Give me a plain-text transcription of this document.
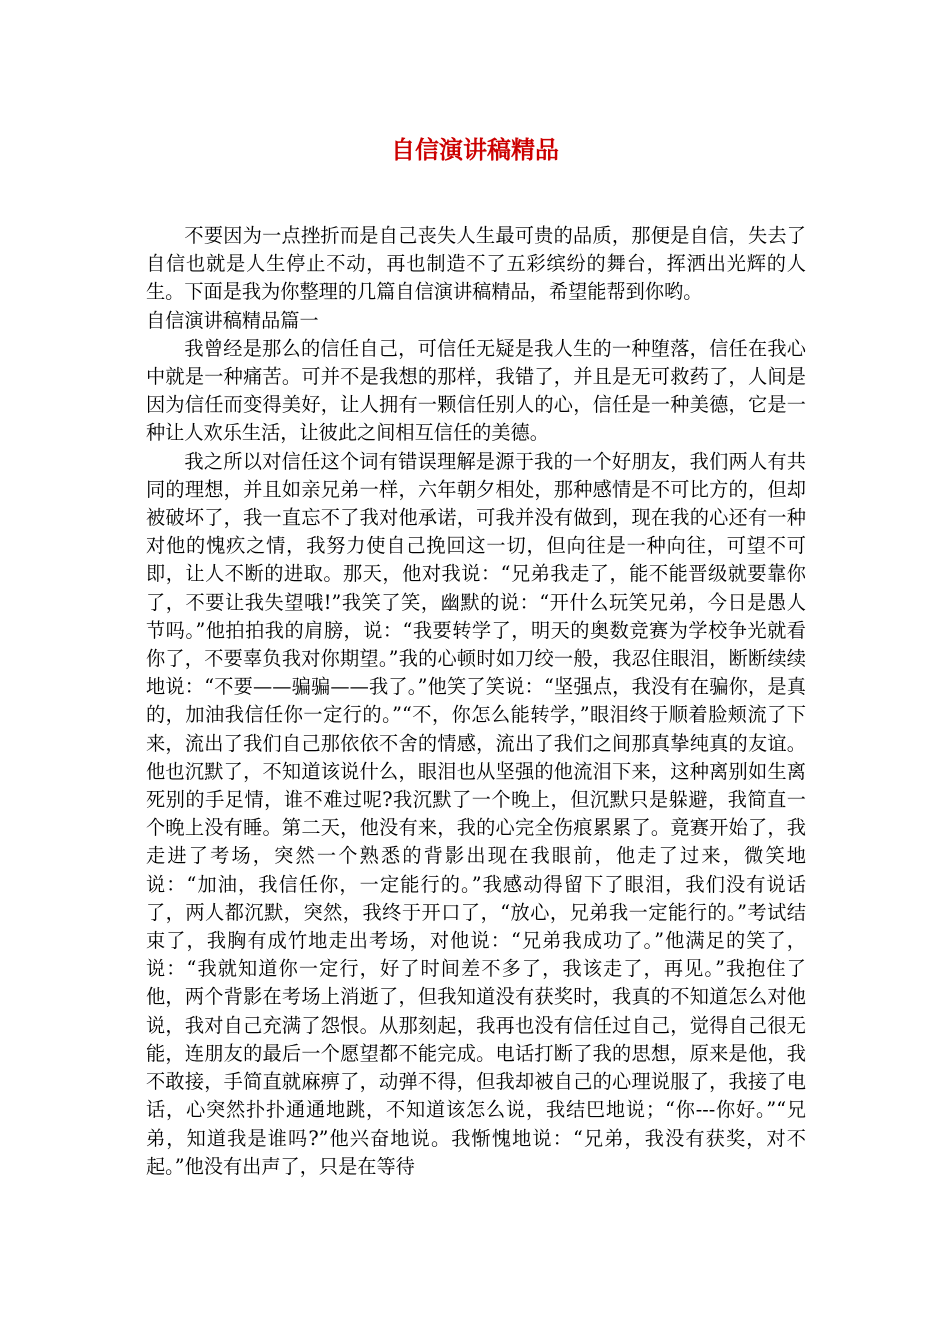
自信演讲稿精品

不要因为一点挫折而是自己丧失人生最可贵的品质，那便是自信，失去了自信也就是人生停止不动，再也制造不了五彩缤纷的舞台，挥洒出光辉的人生。下面是我为你整理的几篇自信演讲稿精品，希望能帮到你哟。

自信演讲稿精品篇一

我曾经是那么的信任自己，可信任无疑是我人生的一种堕落，信任在我心中就是一种痛苦。可并不是我想的那样，我错了，并且是无可救药了，人间是因为信任而变得美好，让人拥有一颗信任别人的心，信任是一种美德，它是一种让人欢乐生活，让彼此之间相互信任的美德。

我之所以对信任这个词有错误理解是源于我的一个好朋友，我们两人有共同的理想，并且如亲兄弟一样，六年朝夕相处，那种感情是不可比方的，但却被破坏了，我一直忘不了我对他承诺，可我并没有做到，现在我的心还有一种对他的愧疚之情，我努力使自己挽回这一切，但向往是一种向往，可望不可即，让人不断的进取。那天，他对我说：“兄弟我走了，能不能晋级就要靠你了，不要让我失望哦!”我笑了笑，幽默的说：“开什么玩笑兄弟，今日是愚人节吗。”他拍拍我的肩膀，说：“我要转学了，明天的奥数竞赛为学校争光就看你了，不要辜负我对你期望。”我的心顿时如刀绞一般，我忍住眼泪，断断续续地说：“不要——骗骗——我了。”他笑了笑说：“坚强点，我没有在骗你，是真的，加油我信任你一定行的。”“不，你怎么能转学，”眼泪终于顺着脸颊流了下来，流出了我们自己那依依不舍的情感，流出了我们之间那真挚纯真的友谊。他也沉默了，不知道该说什么，眼泪也从坚强的他流泪下来，这种离别如生离死别的手足情，谁不难过呢?我沉默了一个晚上，但沉默只是躲避，我简直一个晚上没有睡。第二天，他没有来，我的心完全伤痕累累了。竟赛开始了，我走进了考场，突然一个熟悉的背影出现在我眼前，他走了过来，微笑地说：“加油，我信任你，一定能行的。”我感动得留下了眼泪，我们没有说话了，两人都沉默，突然，我终于开口了，“放心，兄弟我一定能行的。”考试结束了，我胸有成竹地走出考场，对他说：“兄弟我成功了。”他满足的笑了，说：“我就知道你一定行，好了时间差不多了，我该走了，再见。”我抱住了他，两个背影在考场上消逝了，但我知道没有获奖时，我真的不知道怎么对他说，我对自己充满了怨恨。从那刻起，我再也没有信任过自己，觉得自己很无能，连朋友的最后一个愿望都不能完成。电话打断了我的思想，原来是他，我不敢接，手简直就麻痹了，动弹不得，但我却被自己的心理说服了，我接了电话，心突然扑扑通通地跳，不知道该怎么说，我结巴地说；“你---你好。”“兄弟，知道我是谁吗?”他兴奋地说。我惭愧地说：“兄弟，我没有获奖，对不起。”他没有出声了，只是在等待
